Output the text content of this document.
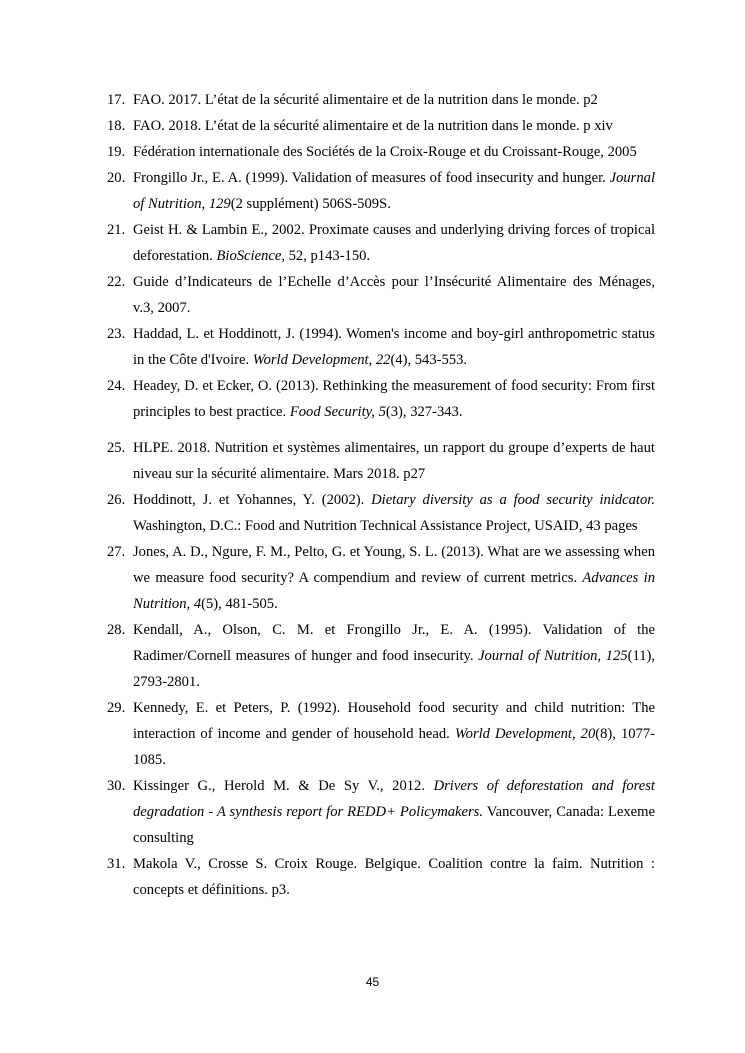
17. FAO. 2017. L’état de la sécurité alimentaire et de la nutrition dans le monde. p2
18. FAO. 2018. L’état de la sécurité alimentaire et de la nutrition dans le monde. p xiv
19. Fédération internationale des Sociétés de la Croix-Rouge et du Croissant-Rouge, 2005
20. Frongillo Jr., E. A. (1999). Validation of measures of food insecurity and hunger. Journal of Nutrition, 129(2 supplément) 506S-509S.
21. Geist H. & Lambin E., 2002. Proximate causes and underlying driving forces of tropical deforestation. BioScience, 52, p143-150.
22. Guide d’Indicateurs de l’Echelle d’Accès pour l’Insécurité Alimentaire des Ménages, v.3, 2007.
23. Haddad, L. et Hoddinott, J. (1994). Women's income and boy-girl anthropometric status in the Côte d'Ivoire. World Development, 22(4), 543-553.
24. Headey, D. et Ecker, O. (2013). Rethinking the measurement of food security: From first principles to best practice. Food Security, 5(3), 327-343.
25. HLPE. 2018. Nutrition et systèmes alimentaires, un rapport du groupe d’experts de haut niveau sur la sécurité alimentaire. Mars 2018. p27
26. Hoddinott, J. et Yohannes, Y. (2002). Dietary diversity as a food security inidcator. Washington, D.C.: Food and Nutrition Technical Assistance Project, USAID, 43 pages
27. Jones, A. D., Ngure, F. M., Pelto, G. et Young, S. L. (2013). What are we assessing when we measure food security? A compendium and review of current metrics. Advances in Nutrition, 4(5), 481-505.
28. Kendall, A., Olson, C. M. et Frongillo Jr., E. A. (1995). Validation of the Radimer/Cornell measures of hunger and food insecurity. Journal of Nutrition, 125(11), 2793-2801.
29. Kennedy, E. et Peters, P. (1992). Household food security and child nutrition: The interaction of income and gender of household head. World Development, 20(8), 1077-1085.
30. Kissinger G., Herold M. & De Sy V., 2012. Drivers of deforestation and forest degradation - A synthesis report for REDD+ Policymakers. Vancouver, Canada: Lexeme consulting
31. Makola V., Crosse S. Croix Rouge. Belgique. Coalition contre la faim. Nutrition : concepts et définitions. p3.
45
